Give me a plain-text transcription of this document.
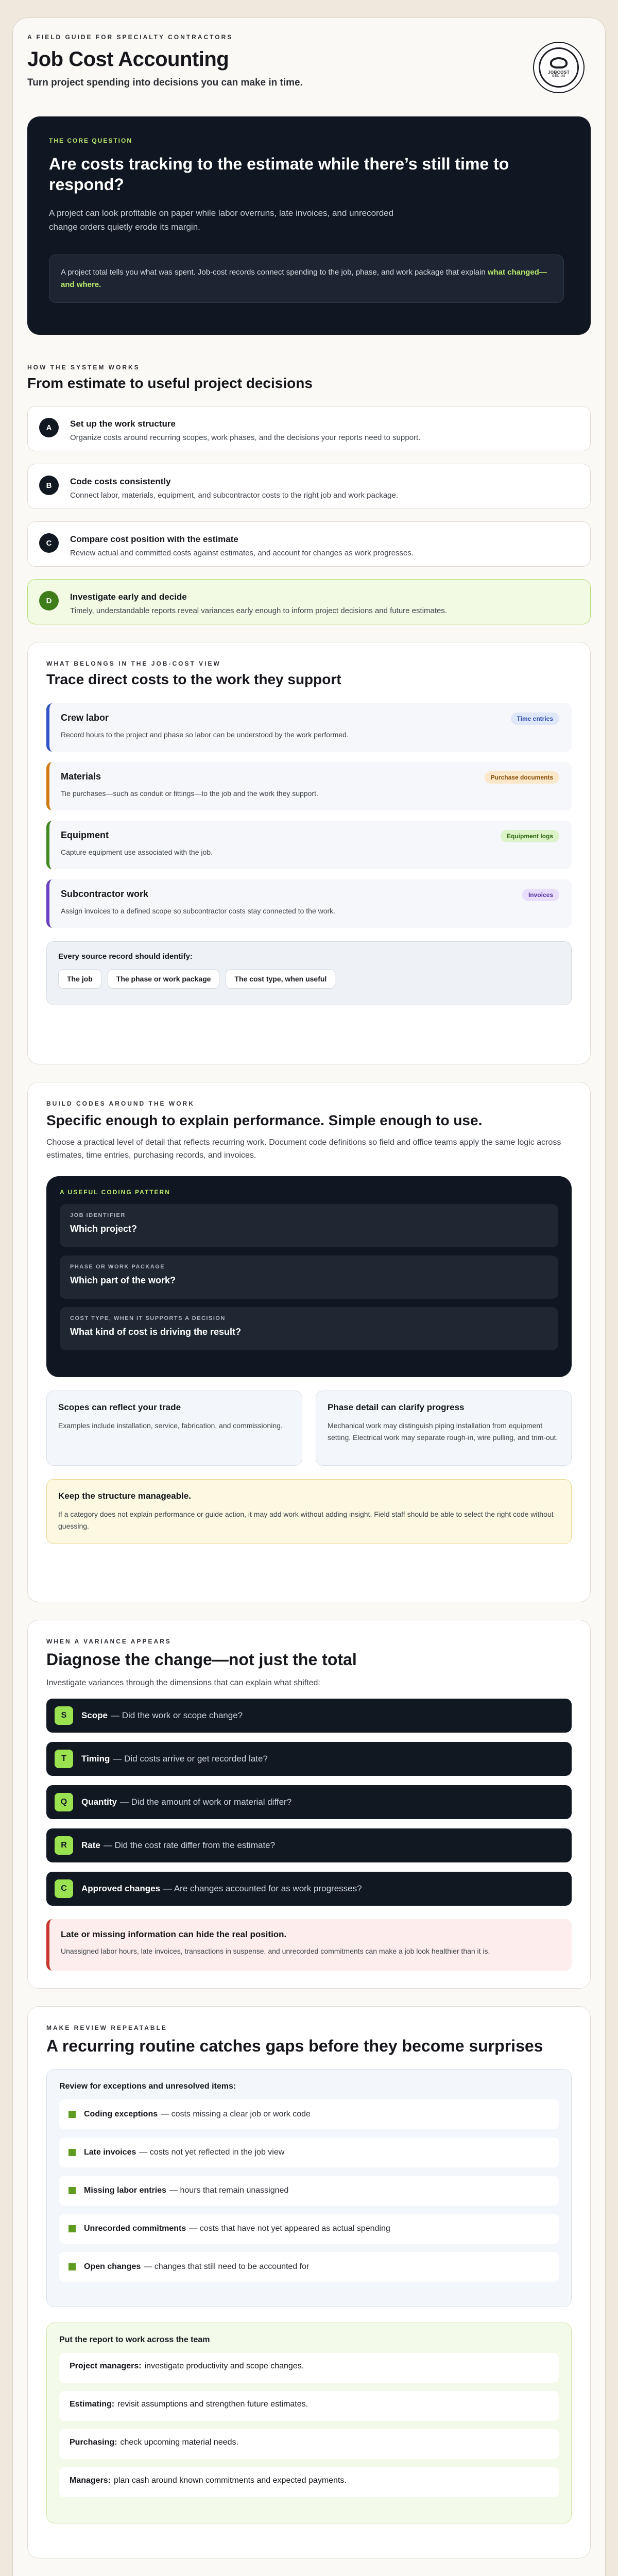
A FIELD GUIDE FOR SPECIALTY CONTRACTORS
Job Cost Accounting
Turn project spending into decisions you can make in time.
JOBCOST
GENIUS
THE CORE QUESTION
Are costs tracking to the estimate while there’s still time to respond?

A project can look profitable on paper while labor overruns, late invoices, and unrecorded change orders quietly erode its margin.

A project total tells you what was spent. Job-cost records connect spending to the job, phase, and work package that explain what changed—and where.
HOW THE SYSTEM WORKS
From estimate to useful project decisions
A	Set up the work structure

Organize costs around recurring scopes, work phases, and the decisions your reports need to support.

B	Code costs consistently

Connect labor, materials, equipment, and subcontractor costs to the right job and work package.

C	Compare cost position with the estimate

Review actual and committed costs against estimates, and account for changes as work progresses.

D	Investigate early and decide

Timely, understandable reports reveal variances early enough to inform project decisions and future estimates.

WHAT BELONGS IN THE JOB-COST VIEW
Trace direct costs to the work they support
Crew labor

Record hours to the project and phase so labor can be understood by the work performed.

Time entries
Materials

Tie purchases—such as conduit or fittings—to the job and the work they support.

Purchase documents
Equipment

Capture equipment use associated with the job.

Equipment logs
Subcontractor work

Assign invoices to a defined scope so subcontractor costs stay connected to the work.

Invoices
Every source record should identify:
The job	The phase or work package	The cost type, when useful
BUILD CODES AROUND THE WORK
Specific enough to explain performance. Simple enough to use.
Choose a practical level of detail that reflects recurring work. Document code definitions so field and office teams apply the same logic across estimates, time entries, purchasing records, and invoices.
A USEFUL CODING PATTERN
JOB IDENTIFIER
Which project?
PHASE OR WORK PACKAGE
Which part of the work?
COST TYPE, WHEN IT SUPPORTS A DECISION
What kind of cost is driving the result?
Scopes can reflect your trade

Examples include installation, service, fabrication, and commissioning.

Phase detail can clarify progress

Mechanical work may distinguish piping installation from equipment setting. Electrical work may separate rough-in, wire pulling, and trim-out.

Keep the structure manageable.

If a category does not explain performance or guide action, it may add work without adding insight. Field staff should be able to select the right code without guessing.

WHEN A VARIANCE APPEARS
Diagnose the change—not just the total
Investigate variances through the dimensions that can explain what shifted:
S	Scope — Did the work or scope change?
T	Timing — Did costs arrive or get recorded late?
Q	Quantity — Did the amount of work or material differ?
R	Rate — Did the cost rate differ from the estimate?
C	Approved changes — Are changes accounted for as work progresses?
Late or missing information can hide the real position.

Unassigned labor hours, late invoices, transactions in suspense, and unrecorded commitments can make a job look healthier than it is.

MAKE REVIEW REPEATABLE
A recurring routine catches gaps before they become surprises
Review for exceptions and unresolved items:
Coding exceptions — costs missing a clear job or work code
Late invoices — costs not yet reflected in the job view
Missing labor entries — hours that remain unassigned
Unrecorded commitments — costs that have not yet appeared as actual spending
Open changes — changes that still need to be accounted for
Put the report to work across the team
Project managers: investigate productivity and scope changes.
Estimating: revisit assumptions and strengthen future estimates.
Purchasing: check upcoming material needs.
Managers: plan cash around known commitments and expected payments.
